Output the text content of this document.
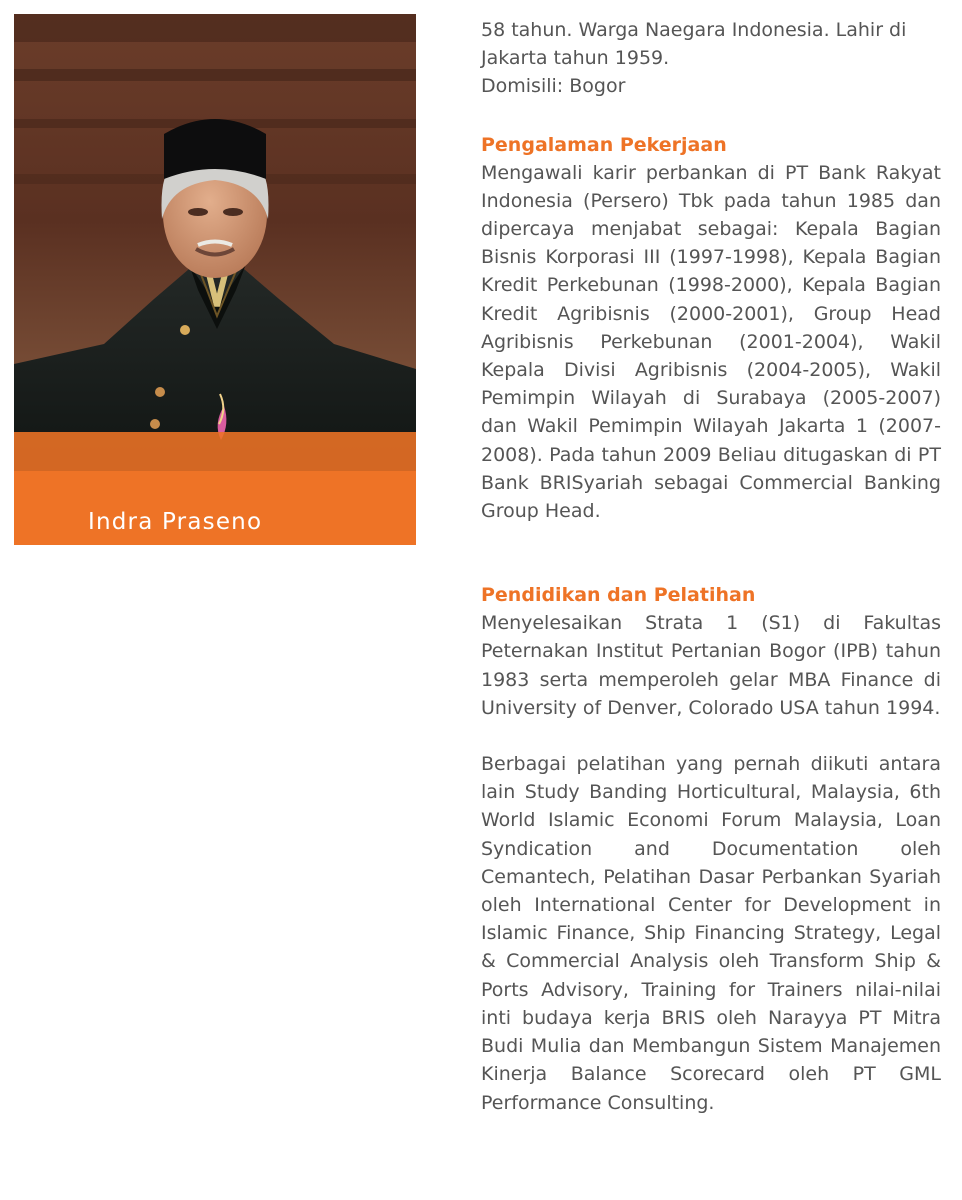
Indra Praseno

58 tahun. Warga Naegara Indonesia. Lahir di
Jakarta tahun 1959.
Domisili: Bogor

Pengalaman Pekerjaan

Mengawali karir perbankan di PT Bank Rakyat Indonesia (Persero) Tbk pada tahun 1985 dan dipercaya menjabat sebagai: Kepala Bagian Bisnis Korporasi III (1997-1998), Kepala Bagian Kredit Perkebunan (1998-2000), Kepala Bagian Kredit Agribisnis (2000-2001), Group Head Agribisnis Perkebunan (2001-2004), Wakil Kepala Divisi Agribisnis (2004-2005), Wakil Pemimpin Wilayah di Surabaya (2005-2007) dan Wakil Pemimpin Wilayah Jakarta 1 (2007-2008). Pada tahun 2009 Beliau ditugaskan di PT Bank BRISyariah sebagai Commercial Banking Group Head.

Pendidikan dan Pelatihan

Menyelesaikan Strata 1 (S1) di Fakultas Peternakan Institut Pertanian Bogor (IPB) tahun 1983 serta memperoleh gelar MBA Finance di University of Denver, Colorado USA tahun 1994.

Berbagai pelatihan yang pernah diikuti antara lain Study Banding Horticultural, Malaysia, 6th World Islamic Economi Forum Malaysia, Loan Syndication and Documentation oleh Cemantech, Pelatihan Dasar Perbankan Syariah oleh International Center for Development in Islamic Finance, Ship Financing Strategy, Legal & Commercial Analysis oleh Transform Ship & Ports Advisory, Training for Trainers nilai-nilai inti budaya kerja BRIS oleh Narayya PT Mitra Budi Mulia dan Membangun Sistem Manajemen Kinerja Balance Scorecard oleh PT GML Performance Consulting.
